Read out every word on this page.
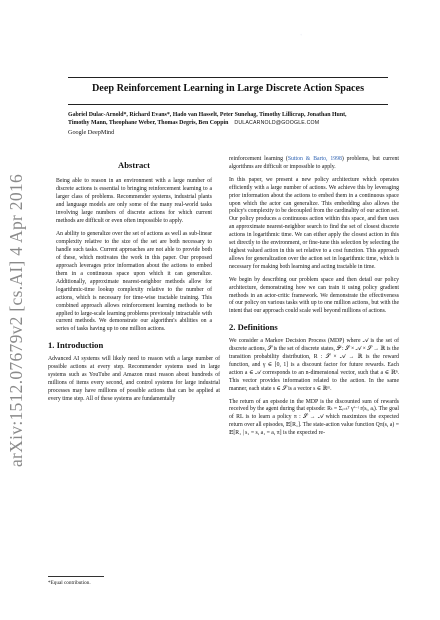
·
arXiv:1512.07679v2 [cs.AI] 4 Apr 2016
Deep Reinforcement Learning in Large Discrete Action Spaces
Gabriel Dulac-Arnold*, Richard Evans*, Hado van Hasselt, Peter Sunehag, Timothy Lillicrap, Jonathan Hunt,
Timothy Mann, Theophane Weber, Thomas Degris, Ben Coppin DULACARNOLD@GOOGLE.COM
Google DeepMind
Abstract

Being able to reason in an environment with a large number of discrete actions is essential to bringing reinforcement learning to a larger class of problems. Recommender systems, industrial plants and language models are only some of the many real-world tasks involving large numbers of discrete actions for which current methods are difficult or even often impossible to apply.

An ability to generalize over the set of actions as well as sub-linear complexity relative to the size of the set are both necessary to handle such tasks. Current approaches are not able to provide both of these, which motivates the work in this paper. Our proposed approach leverages prior information about the actions to embed them in a continuous space upon which it can generalize. Additionally, approximate nearest-neighbor methods allow for logarithmic-time lookup complexity relative to the number of actions, which is necessary for time-wise tractable training. This combined approach allows reinforcement learning methods to be applied to large-scale learning problems previously intractable with current methods. We demonstrate our algorithm's abilities on a series of tasks having up to one million actions.

1. Introduction

Advanced AI systems will likely need to reason with a large number of possible actions at every step. Recommender systems used in large systems such as YouTube and Amazon must reason about hundreds of millions of items every second, and control systems for large industrial processes may have millions of possible actions that can be applied at every time step. All of these systems are fundamentally

reinforcement learning (Sutton & Barto, 1998) problems, but current algorithms are difficult or impossible to apply.

In this paper, we present a new policy architecture which operates efficiently with a large number of actions. We achieve this by leveraging prior information about the actions to embed them in a continuous space upon which the actor can generalize. This embedding also allows the policy's complexity to be decoupled from the cardinality of our action set. Our policy produces a continuous action within this space, and then uses an approximate nearest-neighbor search to find the set of closest discrete actions in logarithmic time. We can either apply the closest action in this set directly to the environment, or fine-tune this selection by selecting the highest valued action in this set relative to a cost function. This approach allows for generalization over the action set in logarithmic time, which is necessary for making both learning and acting tractable in time.

We begin by describing our problem space and then detail our policy architecture, demonstrating how we can train it using policy gradient methods in an actor-critic framework. We demonstrate the effectiveness of our policy on various tasks with up to one million actions, but with the intent that our approach could scale well beyond millions of actions.

2. Definitions

We consider a Markov Decision Process (MDP) where 𝒜 is the set of discrete actions, 𝒮 is the set of discrete states, 𝒫 : 𝒮 × 𝒜 × 𝒮 → ℝ is the transition probability distribution, R : 𝒮 × 𝒜 → ℝ is the reward function, and γ ∈ [0, 1] is a discount factor for future rewards. Each action a ∈ 𝒜 corresponds to an n-dimensional vector, such that a ∈ ℝⁿ. This vector provides information related to the action. In the same manner, each state s ∈ 𝒮 is a vector s ∈ ℝᵐ.

The return of an episode in the MDP is the discounted sum of rewards received by the agent during that episode: Rₜ = Σᵢ₌ₜᵀ γⁱ⁻ᵗ r(sᵢ, aᵢ). The goal of RL is to learn a policy π : 𝒮 → 𝒜 which maximizes the expected return over all episodes, 𝔼[R₁]. The state-action value function Qπ(s, a) = 𝔼[R₁ | s₁ = s, a₁ = a, π] is the expected re-

*Equal contribution.
